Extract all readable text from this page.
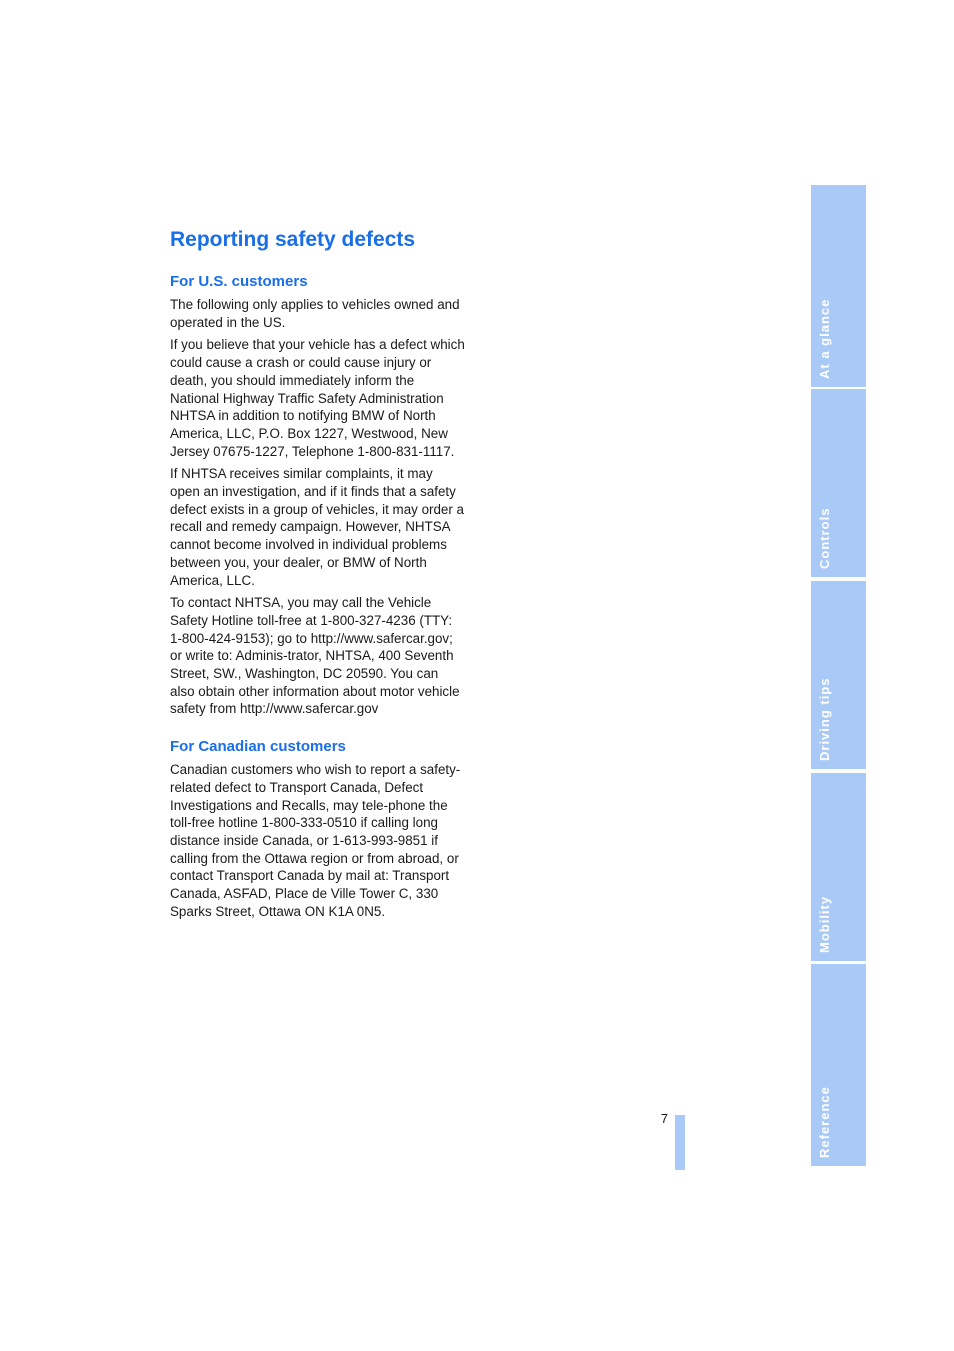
Reporting safety defects
For U.S. customers

The following only applies to vehicles owned and operated in the US.

If you believe that your vehicle has a defect which could cause a crash or could cause injury or death, you should immediately inform the National Highway Traffic Safety Administration NHTSA in addition to notifying BMW of North America, LLC, P.O. Box 1227, Westwood, New Jersey 07675-1227, Telephone 1-800-831-1117.

If NHTSA receives similar complaints, it may open an investigation, and if it finds that a safety defect exists in a group of vehicles, it may order a recall and remedy campaign. However, NHTSA cannot become involved in individual problems between you, your dealer, or BMW of North America, LLC.

To contact NHTSA, you may call the Vehicle Safety Hotline toll-free at 1-800-327-4236 (TTY: 1-800-424-9153); go to http://www.safercar.gov; or write to: Adminis-trator, NHTSA, 400 Seventh Street, SW., Washington, DC 20590. You can also obtain other information about motor vehicle safety from http://www.safercar.gov

For Canadian customers

Canadian customers who wish to report a safety-related defect to Transport Canada, Defect Investigations and Recalls, may tele-phone the toll-free hotline 1-800-333-0510 if calling long distance inside Canada, or 1-613-993-9851 if calling from the Ottawa region or from abroad, or contact Transport Canada by mail at: Transport Canada, ASFAD, Place de Ville Tower C, 330 Sparks Street, Ottawa ON K1A 0N5.

7
At a glance
Controls
Driving tips
Mobility
Reference
